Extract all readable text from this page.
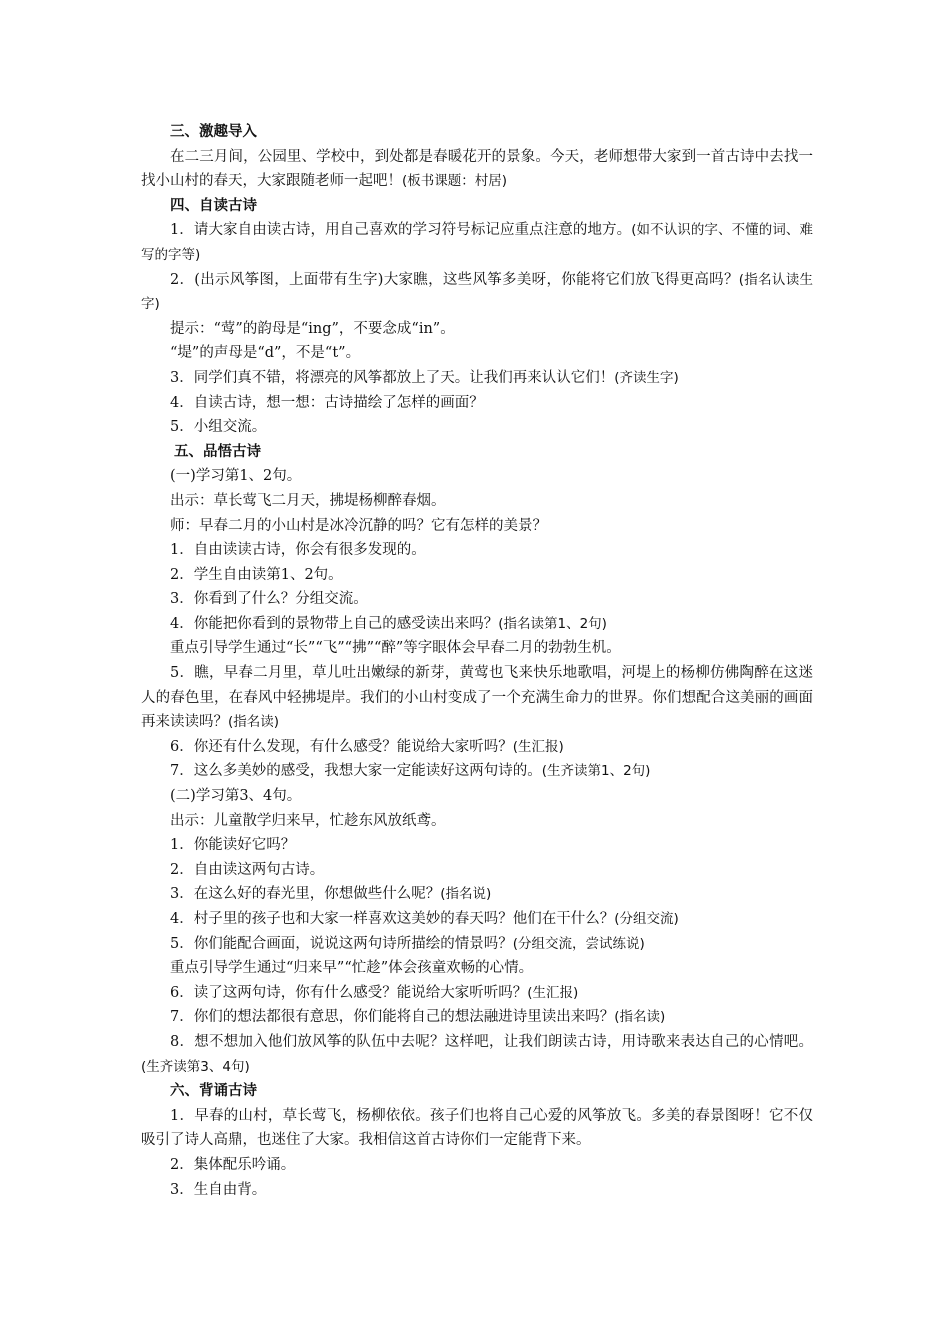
三、激趣导入

在二三月间，公园里、学校中，到处都是春暖花开的景象。今天，老师想带大家到一首古诗中去找一找小山村的春天，大家跟随老师一起吧！(板书课题：村居)

四、自读古诗

1．请大家自由读古诗，用自己喜欢的学习符号标记应重点注意的地方。(如不认识的字、不懂的词、难写的字等)

2．(出示风筝图，上面带有生字)大家瞧，这些风筝多美呀，你能将它们放飞得更高吗？(指名认读生字)

提示：“莺”的韵母是“ing”，不要念成“in”。

“堤”的声母是“d”，不是“t”。

3．同学们真不错，将漂亮的风筝都放上了天。让我们再来认认它们！(齐读生字)

4．自读古诗，想一想：古诗描绘了怎样的画面？

5．小组交流。

五、品悟古诗

(一)学习第1、2句。

出示：草长莺飞二月天，拂堤杨柳醉春烟。

师：早春二月的小山村是冰冷沉静的吗？它有怎样的美景？

1．自由读读古诗，你会有很多发现的。

2．学生自由读第1、2句。

3．你看到了什么？分组交流。

4．你能把你看到的景物带上自己的感受读出来吗？(指名读第1、2句)

重点引导学生通过“长”“飞”“拂”“醉”等字眼体会早春二月的勃勃生机。

5．瞧，早春二月里，草儿吐出嫩绿的新芽，黄莺也飞来快乐地歌唱，河堤上的杨柳仿佛陶醉在这迷人的春色里，在春风中轻拂堤岸。我们的小山村变成了一个充满生命力的世界。你们想配合这美丽的画面再来读读吗？(指名读)

6．你还有什么发现，有什么感受？能说给大家听吗？(生汇报)

7．这么多美妙的感受，我想大家一定能读好这两句诗的。(生齐读第1、2句)

(二)学习第3、4句。

出示：儿童散学归来早，忙趁东风放纸鸢。

1．你能读好它吗？

2．自由读这两句古诗。

3．在这么好的春光里，你想做些什么呢？(指名说)

4．村子里的孩子也和大家一样喜欢这美妙的春天吗？他们在干什么？(分组交流)

5．你们能配合画面，说说这两句诗所描绘的情景吗？(分组交流，尝试练说)

重点引导学生通过“归来早”“忙趁”体会孩童欢畅的心情。

6．读了这两句诗，你有什么感受？能说给大家听听吗？(生汇报)

7．你们的想法都很有意思，你们能将自己的想法融进诗里读出来吗？(指名读)

8．想不想加入他们放风筝的队伍中去呢？这样吧，让我们朗读古诗，用诗歌来表达自己的心情吧。(生齐读第3、4句)

六、背诵古诗

1．早春的山村，草长莺飞，杨柳依依。孩子们也将自己心爱的风筝放飞。多美的春景图呀！它不仅吸引了诗人高鼎，也迷住了大家。我相信这首古诗你们一定能背下来。

2．集体配乐吟诵。

3．生自由背。
